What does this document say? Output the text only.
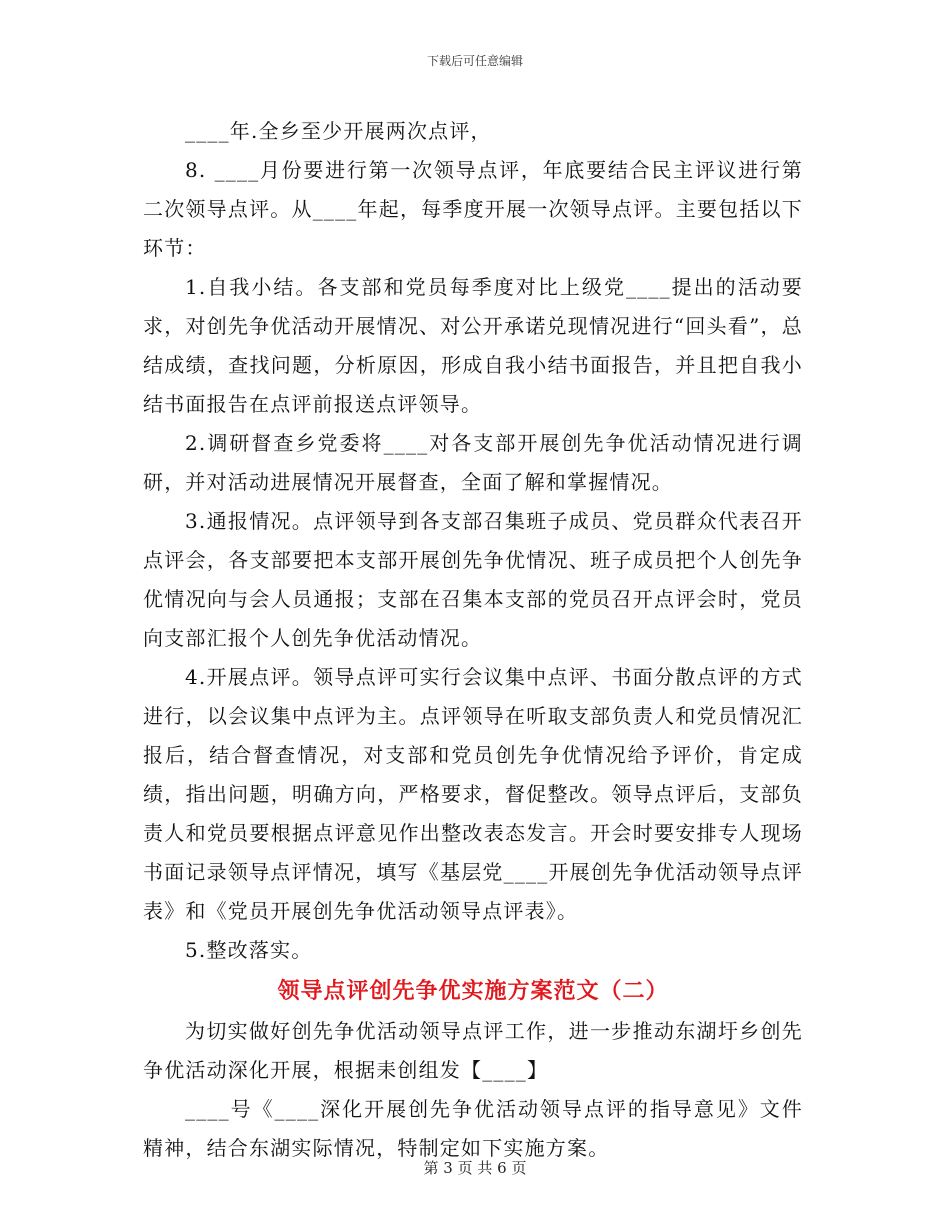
下载后可任意编辑

____年.全乡至少开展两次点评，

8. ____月份要进行第一次领导点评，年底要结合民主评议进行第二次领导点评。从____年起，每季度开展一次领导点评。主要包括以下环节：

1.自我小结。各支部和党员每季度对比上级党____提出的活动要求，对创先争优活动开展情况、对公开承诺兑现情况进行“回头看”，总结成绩，查找问题，分析原因，形成自我小结书面报告，并且把自我小结书面报告在点评前报送点评领导。

2.调研督查乡党委将____对各支部开展创先争优活动情况进行调研，并对活动进展情况开展督查，全面了解和掌握情况。

3.通报情况。点评领导到各支部召集班子成员、党员群众代表召开点评会，各支部要把本支部开展创先争优情况、班子成员把个人创先争优情况向与会人员通报；支部在召集本支部的党员召开点评会时，党员向支部汇报个人创先争优活动情况。

4.开展点评。领导点评可实行会议集中点评、书面分散点评的方式进行，以会议集中点评为主。点评领导在听取支部负责人和党员情况汇报后，结合督查情况，对支部和党员创先争优情况给予评价，肯定成绩，指出问题，明确方向，严格要求，督促整改。领导点评后，支部负责人和党员要根据点评意见作出整改表态发言。开会时要安排专人现场书面记录领导点评情况，填写《基层党____开展创先争优活动领导点评表》和《党员开展创先争优活动领导点评表》。

5.整改落实。

领导点评创先争优实施方案范文（二）

为切实做好创先争优活动领导点评工作，进一步推动东湖圩乡创先争优活动深化开展，根据耒创组发【____】

____号《____深化开展创先争优活动领导点评的指导意见》文件精神，结合东湖实际情况，特制定如下实施方案。

第 3 页 共 6 页
